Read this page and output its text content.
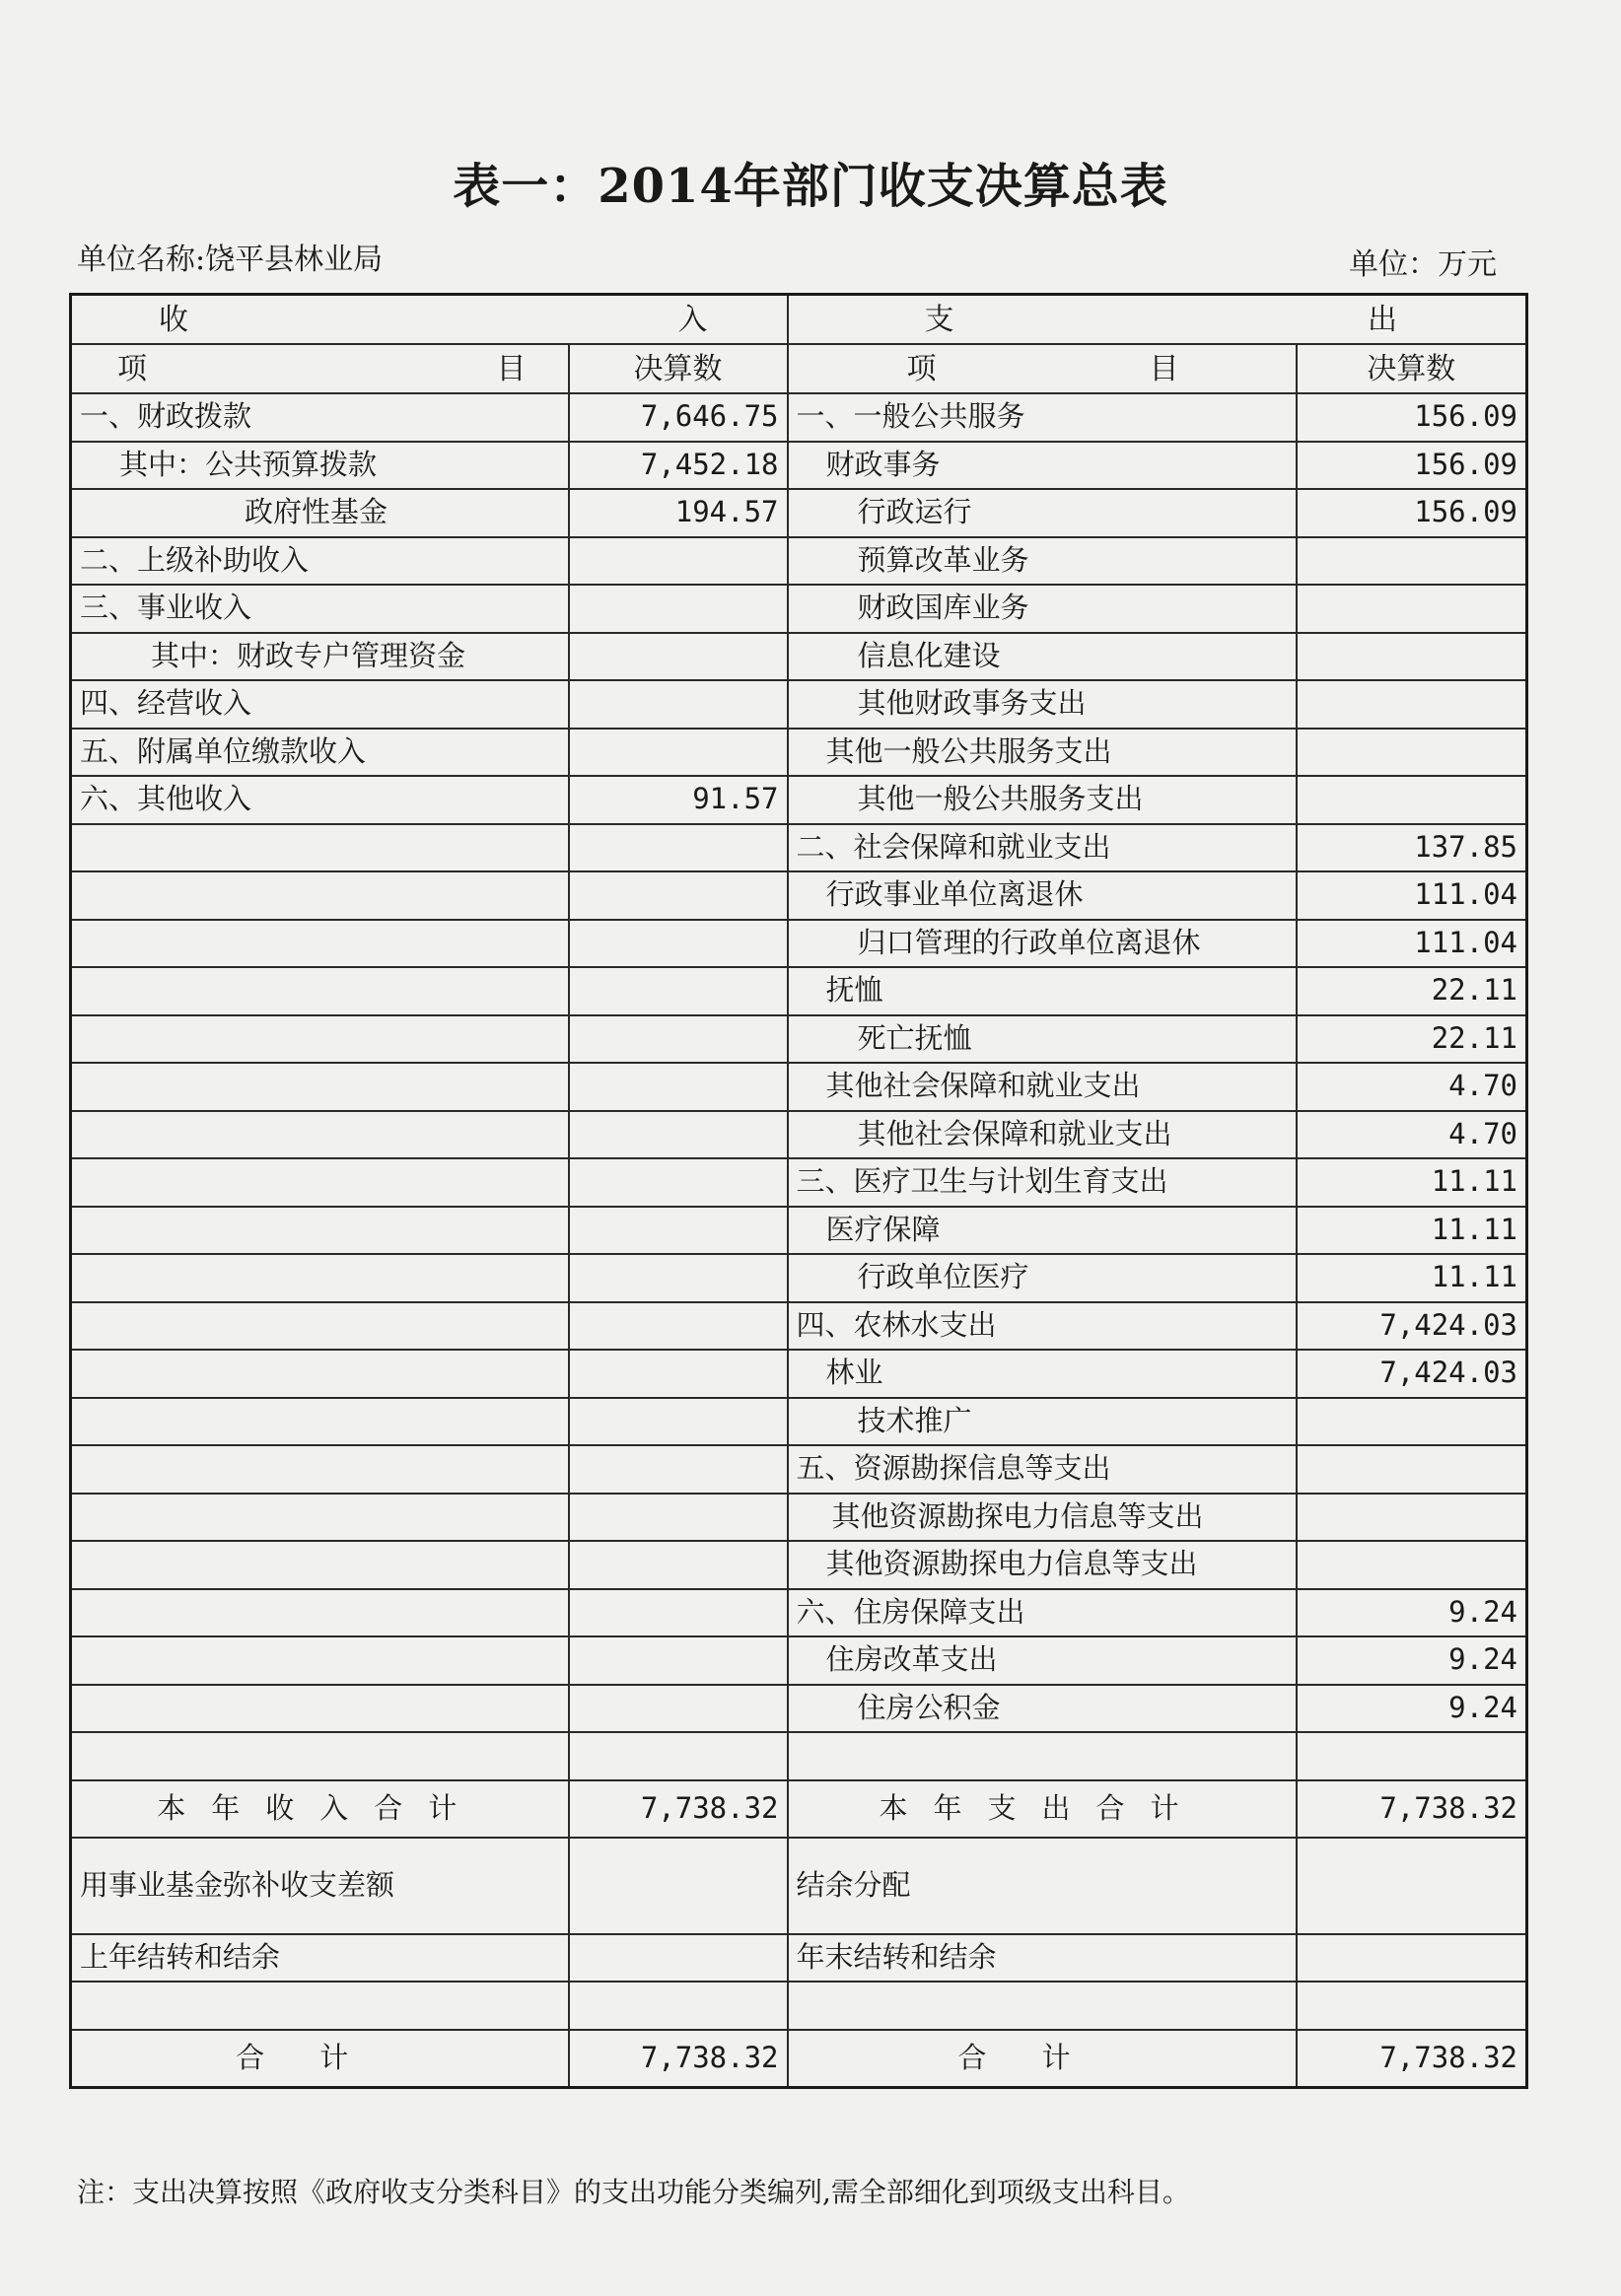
表一：2014年部门收支决算总表
单位名称:饶平县林业局	单位：万元
收 入		支 出	

项 目	决算数	项 目	决算数
一、财政拨款	7,646.75	一、一般公共服务	156.09
其中：公共预算拨款	7,452.18	财政事务	156.09
政府性基金	194.57	行政运行	156.09
二、上级补助收入		预算改革业务	
三、事业收入		财政国库业务	
其中：财政专户管理资金		信息化建设	
四、经营收入		其他财政事务支出	
五、附属单位缴款收入		其他一般公共服务支出	
六、其他收入	91.57	其他一般公共服务支出	
		二、社会保障和就业支出	137.85
		行政事业单位离退休	111.04
		归口管理的行政单位离退休	111.04
		抚恤	22.11
		死亡抚恤	22.11
		其他社会保障和就业支出	4.70
		其他社会保障和就业支出	4.70
		三、医疗卫生与计划生育支出	11.11
		医疗保障	11.11
		行政单位医疗	11.11
		四、农林水支出	7,424.03
		林业	7,424.03
		技术推广	
		五、资源勘探信息等支出	
		其他资源勘探电力信息等支出	
		其他资源勘探电力信息等支出	
		六、住房保障支出	9.24
		住房改革支出	9.24
		住房公积金	9.24

本年收入合计	7,738.32	本年支出合计	7,738.32
用事业基金弥补收支差额		结余分配	
上年结转和结余		年末结转和结余	

合计	7,738.32	合计	7,738.32
注：支出决算按照《政府收支分类科目》的支出功能分类编列,需全部细化到项级支出科目。
